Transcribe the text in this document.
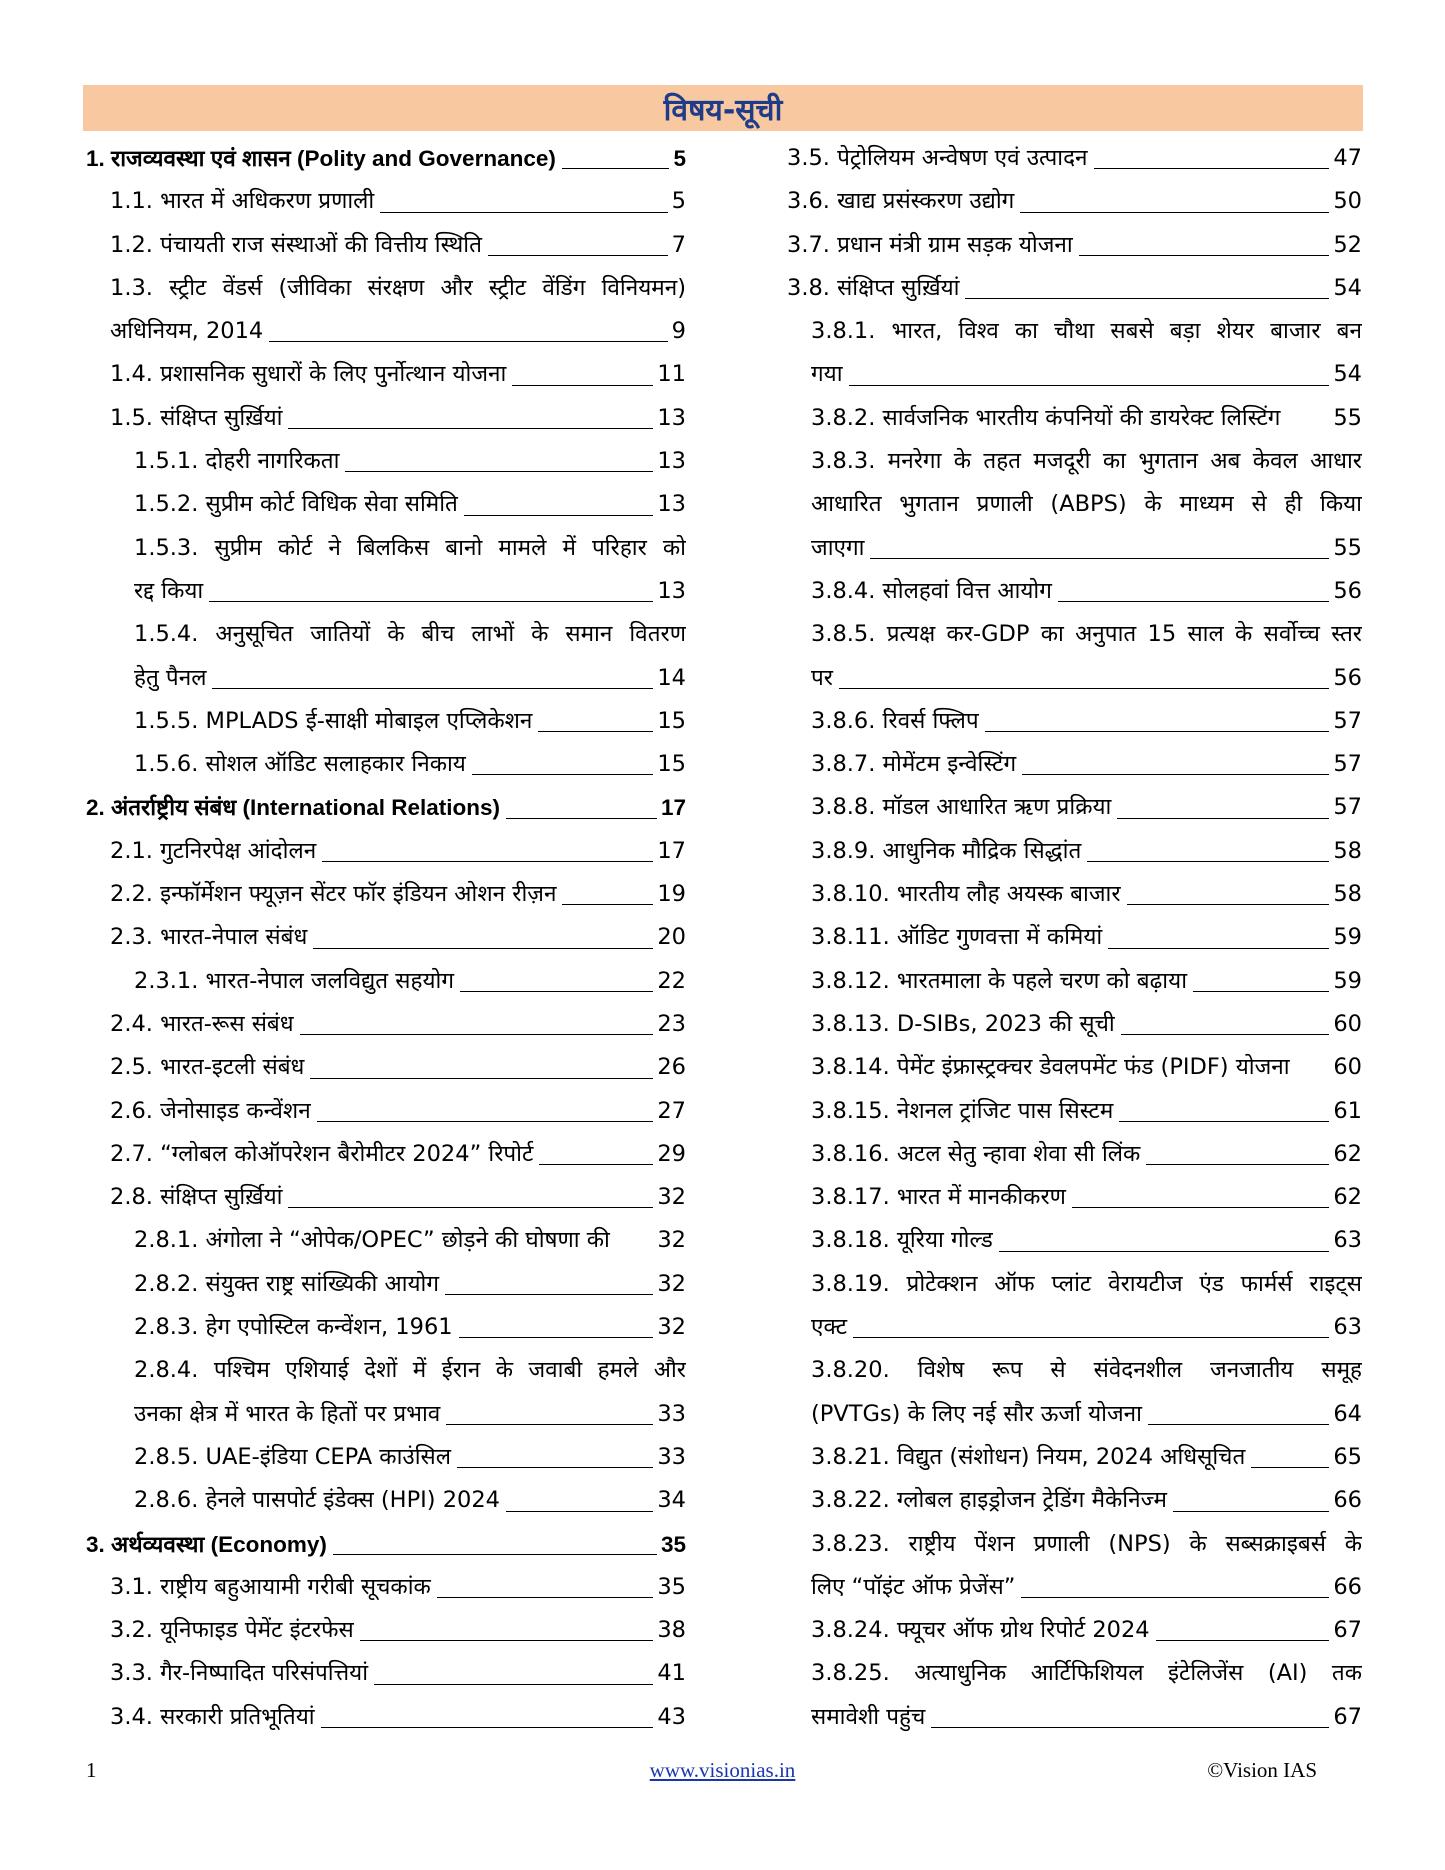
विषय-सूची
1. राजव्यवस्था एवं शासन (Polity and Governance)	5
1.1. भारत में अधिकरण प्रणाली	5
1.2. पंचायती राज संस्थाओं की वित्तीय स्थिति	7
1.3. स्ट्रीट वेंडर्स (जीविका संरक्षण और स्ट्रीट वेंडिंग विनियमन)
अधिनियम, 2014	9
1.4. प्रशासनिक सुधारों के लिए पुर्नोत्थान योजना	11
1.5. संक्षिप्त सुर्ख़ियां	13
1.5.1. दोहरी नागरिकता	13
1.5.2. सुप्रीम कोर्ट विधिक सेवा समिति	13
1.5.3. सुप्रीम कोर्ट ने बिलकिस बानो मामले में परिहार को
रद्द किया	13
1.5.4. अनुसूचित जातियों के बीच लाभों के समान वितरण
हेतु पैनल	14
1.5.5. MPLADS ई-साक्षी मोबाइल एप्लिकेशन	15
1.5.6. सोशल ऑडिट सलाहकार निकाय	15
2. अंतर्राष्ट्रीय संबंध (International Relations)	17
2.1. गुटनिरपेक्ष आंदोलन	17
2.2. इन्फॉर्मेशन फ्यूज़न सेंटर फॉर इंडियन ओशन रीज़न	19
2.3. भारत-नेपाल संबंध	20
2.3.1. भारत-नेपाल जलविद्युत सहयोग	22
2.4. भारत-रूस संबंध	23
2.5. भारत-इटली संबंध	26
2.6. जेनोसाइड कन्वेंशन	27
2.7. “ग्लोबल कोऑपरेशन बैरोमीटर 2024” रिपोर्ट	29
2.8. संक्षिप्त सुर्ख़ियां	32
2.8.1. अंगोला ने “ओपेक/OPEC” छोड़ने की घोषणा की 32
2.8.2. संयुक्त राष्ट्र सांख्यिकी आयोग	32
2.8.3. हेग एपोस्टिल कन्वेंशन, 1961	32
2.8.4. पश्चिम एशियाई देशों में ईरान के जवाबी हमले और
उनका क्षेत्र में भारत के हितों पर प्रभाव	33
2.8.5. UAE-इंडिया CEPA काउंसिल	33
2.8.6. हेनले पासपोर्ट इंडेक्स (HPI) 2024	34
3. अर्थव्यवस्था (Economy)	35
3.1. राष्ट्रीय बहुआयामी गरीबी सूचकांक	35
3.2. यूनिफाइड पेमेंट इंटरफेस	38
3.3. गैर-निष्पादित परिसंपत्तियां	41
3.4. सरकारी प्रतिभूतियां	43
3.5. पेट्रोलियम अन्वेषण एवं उत्पादन	47
3.6. खाद्य प्रसंस्करण उद्योग	50
3.7. प्रधान मंत्री ग्राम सड़क योजना	52
3.8. संक्षिप्त सुर्ख़ियां	54
3.8.1. भारत, विश्व का चौथा सबसे बड़ा शेयर बाजार बन
गया	54
3.8.2. सार्वजनिक भारतीय कंपनियों की डायरेक्ट लिस्टिंग 55
3.8.3. मनरेगा के तहत मजदूरी का भुगतान अब केवल आधार
आधारित भुगतान प्रणाली (ABPS) के माध्यम से ही किया
जाएगा	55
3.8.4. सोलहवां वित्त आयोग	56
3.8.5. प्रत्यक्ष कर-GDP का अनुपात 15 साल के सर्वोच्च स्तर
पर	56
3.8.6. रिवर्स फ्लिप	57
3.8.7. मोमेंटम इन्वेस्टिंग	57
3.8.8. मॉडल आधारित ऋण प्रक्रिया	57
3.8.9. आधुनिक मौद्रिक सिद्धांत	58
3.8.10. भारतीय लौह अयस्क बाजार	58
3.8.11. ऑडिट गुणवत्ता में कमियां	59
3.8.12. भारतमाला के पहले चरण को बढ़ाया	59
3.8.13. D-SIBs, 2023 की सूची	60
3.8.14. पेमेंट इंफ्रास्ट्रक्चर डेवलपमेंट फंड (PIDF) योजना 60
3.8.15. नेशनल ट्रांजिट पास सिस्टम	61
3.8.16. अटल सेतु न्हावा शेवा सी लिंक	62
3.8.17. भारत में मानकीकरण	62
3.8.18. यूरिया गोल्ड	63
3.8.19. प्रोटेक्शन ऑफ प्लांट वेरायटीज एंड फार्मर्स राइट्स
एक्ट	63
3.8.20. विशेष रूप से संवेदनशील जनजातीय समूह
(PVTGs) के लिए नई सौर ऊर्जा योजना	64
3.8.21. विद्युत (संशोधन) नियम, 2024 अधिसूचित	65
3.8.22. ग्लोबल हाइड्रोजन ट्रेडिंग मैकेनिज्म	66
3.8.23. राष्ट्रीय पेंशन प्रणाली (NPS) के सब्सक्राइबर्स के
लिए “पॉइंट ऑफ प्रेजेंस”	66
3.8.24. फ्यूचर ऑफ ग्रोथ रिपोर्ट 2024	67
3.8.25. अत्याधुनिक आर्टिफिशियल इंटेलिजेंस (AI) तक
समावेशी पहुंच	67
1	www.visionias.in	©Vision IAS
